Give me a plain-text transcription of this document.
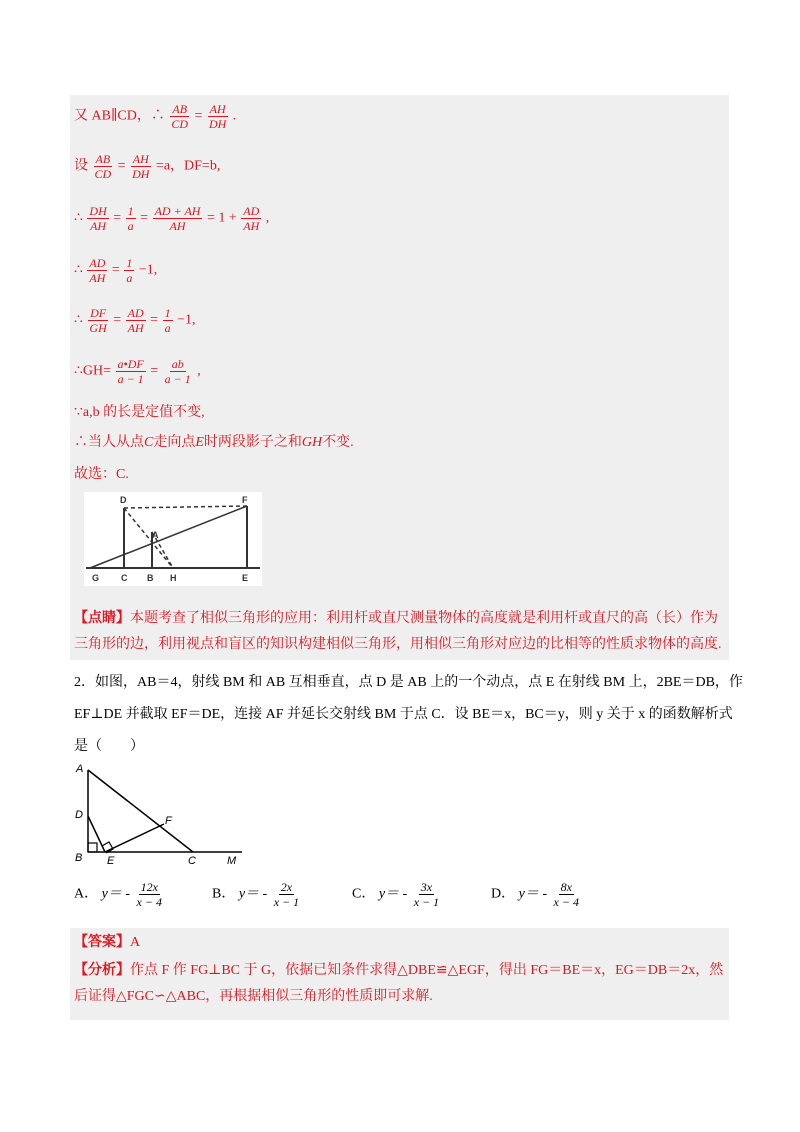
又 AB∥CD，∴ $\frac{AB}{CD} = \frac{AH}{DH}$ .
设 $\frac{AB}{CD} = \frac{AH}{DH} =a$，DF=b,
∴ $\frac{DH}{AH} = \frac{1}{a} = \frac{AD + AH}{AH} = 1 + \frac{AD}{AH}$ ,
∴ $\frac{AD}{AH} = \frac{1}{a} -1$,
∴ $\frac{DF}{GH} = \frac{AD}{AH} = \frac{1}{a} -1$,
∴GH= $\frac{a•DF}{a - 1} = \frac{ab}{a - 1}$ ,
∵a,b 的长是定值不变,
∴当人从点C走向点E时两段影子之和GH不变.
故选：C.
D	F
A
G C B H	E
【点睛】本题考查了相似三角形的应用：利用杆或直尺测量物体的高度就是利用杆或直尺的高（长）作为三角形的边，利用视点和盲区的知识构建相似三角形，用相似三角形对应边的比相等的性质求物体的高度.
2．如图，AB＝4，射线 BM 和 AB 互相垂直，点 D 是 AB 上的一个动点，点 E 在射线 BM 上，2BE＝DB，作
EF⊥DE 并截取 EF＝DE，连接 AF 并延长交射线 BM 于点 C．设 BE＝x，BC＝y，则 y 关于 x 的函数解析式
是（　　）
A
D	F
B E	C	M
A． $y= - \frac{12x}{x - 4}$	B． $y= - \frac{2x}{x - 1}$	C． $y= - \frac{3x}{x - 1}$	D． $y= - \frac{8x}{x - 4}$
【答案】A
【分析】作点 F 作 FG⊥BC 于 G，依据已知条件求得△DBE≌△EGF，得出 FG＝BE＝x，EG＝DB＝2x，然后证得△FGC∽△ABC，再根据相似三角形的性质即可求解.
